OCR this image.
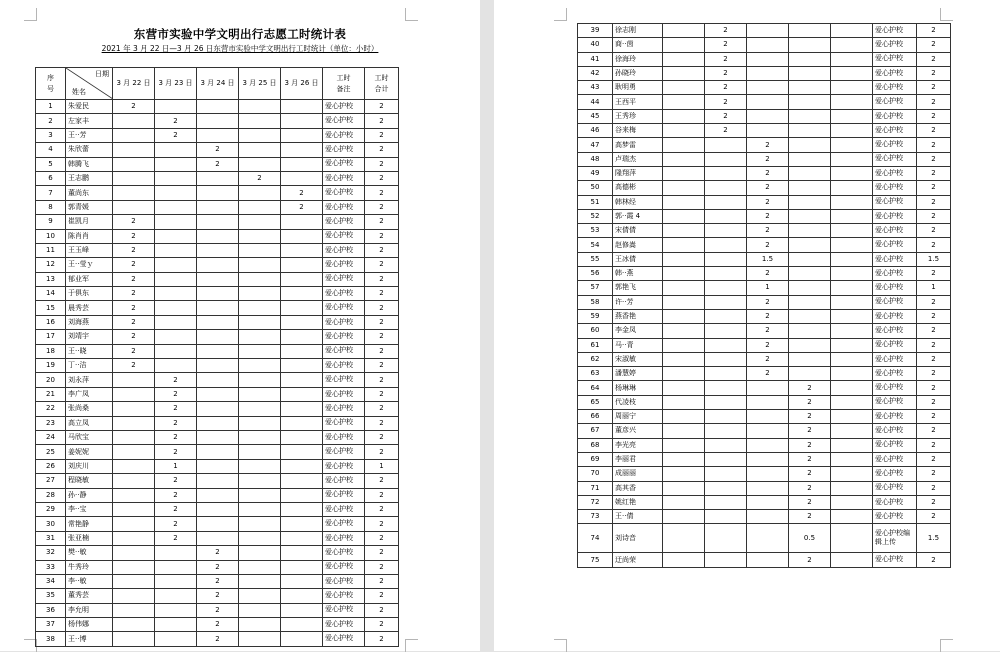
东营市实验中学文明出行志愿工时统计表
2021 年 3 月 22 日—3 月 26 日东营市实验中学文明出行工时统计（单位：小时）
序号	日期
姓名	3 月 22 日	3 月 23 日	3 月 24 日	3 月 25 日	3 月 26 日	工时备注	工时合计

1	朱爱民	2					爱心护校	2
2	左家丰		2				爱心护校	2
3	王··芳		2				爱心护校	2
4	朱欣蕾			2			爱心护校	2
5	韩腾飞			2			爱心护校	2
6	王志鹏				2		爱心护校	2
7	董尚东					2	爱心护校	2
8	郭青媛					2	爱心护校	2
9	崔凯月	2					爱心护校	2
10	陈肖肖	2					爱心护校	2
11	王玉峰	2					爱心护校	2
12	王··莹ｙ	2					爱心护校	2
13	郁业军	2					爱心护校	2
14	于俱东	2					爱心护校	2
15	晨秀芸	2					爱心护校	2
16	刘海燕	2					爱心护校	2
17	刘靖宇	2					爱心护校	2
18	王··晓	2					爱心护校	2
19	丁··洁	2					爱心护校	2
20	刘永萍		2				爱心护校	2
21	李广凤		2				爱心护校	2
22	张尚桑		2				爱心护校	2
23	高立凤		2				爱心护校	2
24	马欣宝		2				爱心护校	2
25	姜妮妮		2				爱心护校	2
26	刘庆川		1				爱心护校	1
27	程晓敏		2				爱心护校	2
28	孙··静		2				爱心护校	2
29	李··宝		2				爱心护校	2
30	常艳静		2				爱心护校	2
31	张亚楠		2				爱心护校	2
32	樊··敏			2			爱心护校	2
33	牛秀玲			2			爱心护校	2
34	李··敏			2			爱心护校	2
35	董秀芸			2			爱心护校	2
36	李允明			2			爱心护校	2
37	杨伟娜			2			爱心护校	2
38	王··博			2			爱心护校	2
39	徐志刚		2				爱心护校	2
40	商··茵		2				爱心护校	2
41	徐海玲		2				爱心护校	2
42	孙晓玲		2				爱心护校	2
43	耿明勇		2				爱心护校	2
44	王西平		2				爱心护校	2
45	王秀珍		2				爱心护校	2
46	谷来梅		2				爱心护校	2
47	高梦雷			2			爱心护校	2
48	卢瑞杰			2			爱心护校	2
49	隆翔萍			2			爱心护校	2
50	高德彬			2			爱心护校	2
51	韩林经			2			爱心护校	2
52	郭··霞 4			2			爱心护校	2
53	宋倩倩			2			爱心护校	2
54	赵修嵩			2			爱心护校	2
55	王冰倩			1.5			爱心护校	1.5
56	韩··燕			2			爱心护校	2
57	郭艳飞			1			爱心护校	1
58	许··芳			2			爱心护校	2
59	燕香艳			2			爱心护校	2
60	李金凤			2			爱心护校	2
61	马··青			2			爱心护校	2
62	宋淑敏			2			爱心护校	2
63	潘慧婷			2			爱心护校	2
64	杨琳琳				2		爱心护校	2
65	代凌枝				2		爱心护校	2
66	周丽宁				2		爱心护校	2
67	董彦兴				2		爱心护校	2
68	李光亮				2		爱心护校	2
69	李丽君				2		爱心护校	2
70	成丽丽				2		爱心护校	2
71	高其香				2		爱心护校	2
72	姚红艳				2		爱心护校	2
73	王··倩				2		爱心护校	2
74	刘诗音				0.5		爱心护校编辑上传	1.5
75	迂尚荣				2		爱心护校	2
